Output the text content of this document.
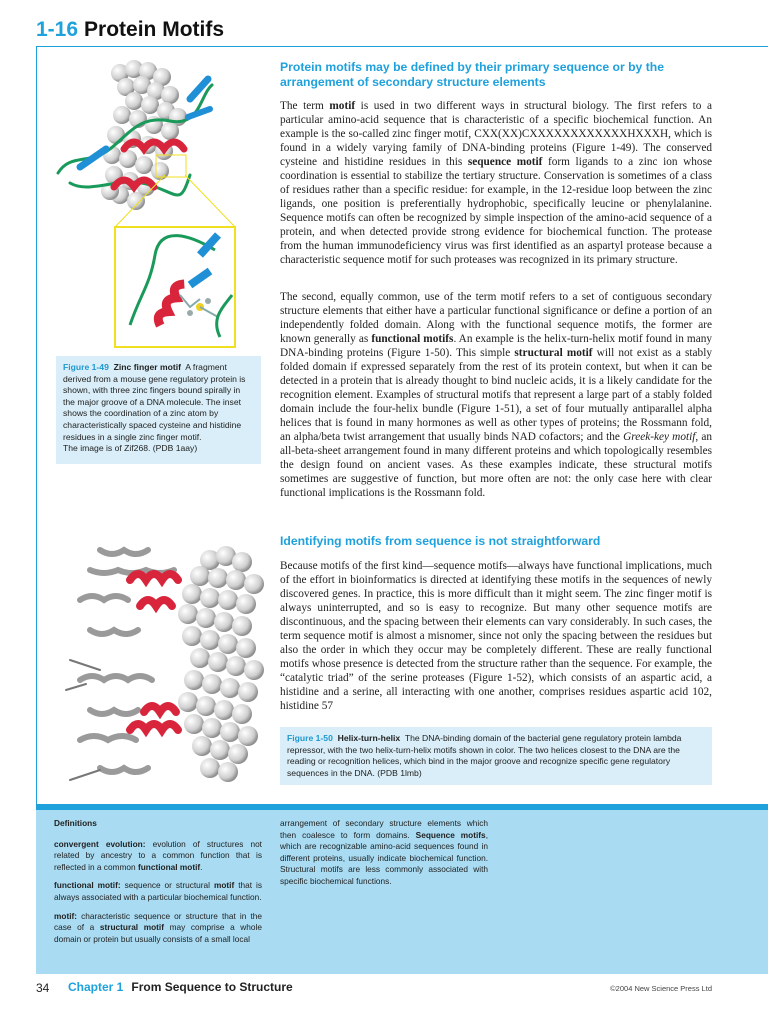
1-16 Protein Motifs
Figure 1-49 Zinc finger motif A fragment derived from a mouse gene regulatory protein is shown, with three zinc fingers bound spirally in the major groove of a DNA molecule. The inset shows the coordination of a zinc atom by characteristically spaced cysteine and histidine residues in a single zinc finger motif.
The image is of Zif268. (PDB 1aay)
Protein motifs may be defined by their primary sequence or by the arrangement of secondary structure elements

The term motif is used in two different ways in structural biology. The first refers to a particular amino-acid sequence that is characteristic of a specific biochemical function. An example is the so-called zinc finger motif, CXX(XX)CXXXXXXXXXXXXHXXXH, which is found in a widely varying family of DNA-binding proteins (Figure 1-49). The conserved cysteine and histidine residues in this sequence motif form ligands to a zinc ion whose coordination is essential to stabilize the tertiary structure. Conservation is sometimes of a class of residues rather than a specific residue: for example, in the 12-residue loop between the zinc ligands, one position is preferentially hydrophobic, specifically leucine or phenylalanine. Sequence motifs can often be recognized by simple inspection of the amino-acid sequence of a protein, and when detected provide strong evidence for biochemical function. The protease from the human immunodeficiency virus was first identified as an aspartyl protease because a characteristic sequence motif for such proteases was recognized in its primary structure.

The second, equally common, use of the term motif refers to a set of contiguous secondary structure elements that either have a particular functional significance or define a portion of an independently folded domain. Along with the functional sequence motifs, the former are known generally as functional motifs. An example is the helix-turn-helix motif found in many DNA-binding proteins (Figure 1-50). This simple structural motif will not exist as a stably folded domain if expressed separately from the rest of its protein context, but when it can be detected in a protein that is already thought to bind nucleic acids, it is a likely candidate for the recognition element. Examples of structural motifs that represent a large part of a stably folded domain include the four-helix bundle (Figure 1-51), a set of four mutually antiparallel alpha helices that is found in many hormones as well as other types of proteins; the Rossmann fold, an alpha/beta twist arrangement that usually binds NAD cofactors; and the Greek-key motif, an all-beta-sheet arrangement found in many different proteins and which topologically resembles the design found on ancient vases. As these examples indicate, these structural motifs sometimes are suggestive of function, but more often are not: the only case here with clear functional implications is the Rossmann fold.

Identifying motifs from sequence is not straightforward

Because motifs of the first kind—sequence motifs—always have functional implications, much of the effort in bioinformatics is directed at identifying these motifs in the sequences of newly discovered genes. In practice, this is more difficult than it might seem. The zinc finger motif is always uninterrupted, and so is easy to recognize. But many other sequence motifs are discontinuous, and the spacing between their elements can vary considerably. In such cases, the term sequence motif is almost a misnomer, since not only the spacing between the residues but also the order in which they occur may be completely different. These are really functional motifs whose presence is detected from the structure rather than the sequence. For example, the “catalytic triad” of the serine proteases (Figure 1-52), which consists of an aspartic acid, a histidine and a serine, all interacting with one another, comprises residues aspartic acid 102, histidine 57

Figure 1-50 Helix-turn-helix The DNA-binding domain of the bacterial gene regulatory protein lambda repressor, with the two helix-turn-helix motifs shown in color. The two helices closest to the DNA are the reading or recognition helices, which bind in the major groove and recognize specific gene regulatory sequences in the DNA. (PDB 1lmb)

Definitions

convergent evolution: evolution of structures not related by ancestry to a common function that is reflected in a common functional motif.

functional motif: sequence or structural motif that is always associated with a particular biochemical function.

motif: characteristic sequence or structure that in the case of a structural motif may comprise a whole domain or protein but usually consists of a small local

arrangement of secondary structure elements which then coalesce to form domains. Sequence motifs, which are recognizable amino-acid sequences found in different proteins, usually indicate biochemical function. Structural motifs are less commonly associated with specific biochemical functions.

34 Chapter 1 From Sequence to Structure	©2004 New Science Press Ltd
